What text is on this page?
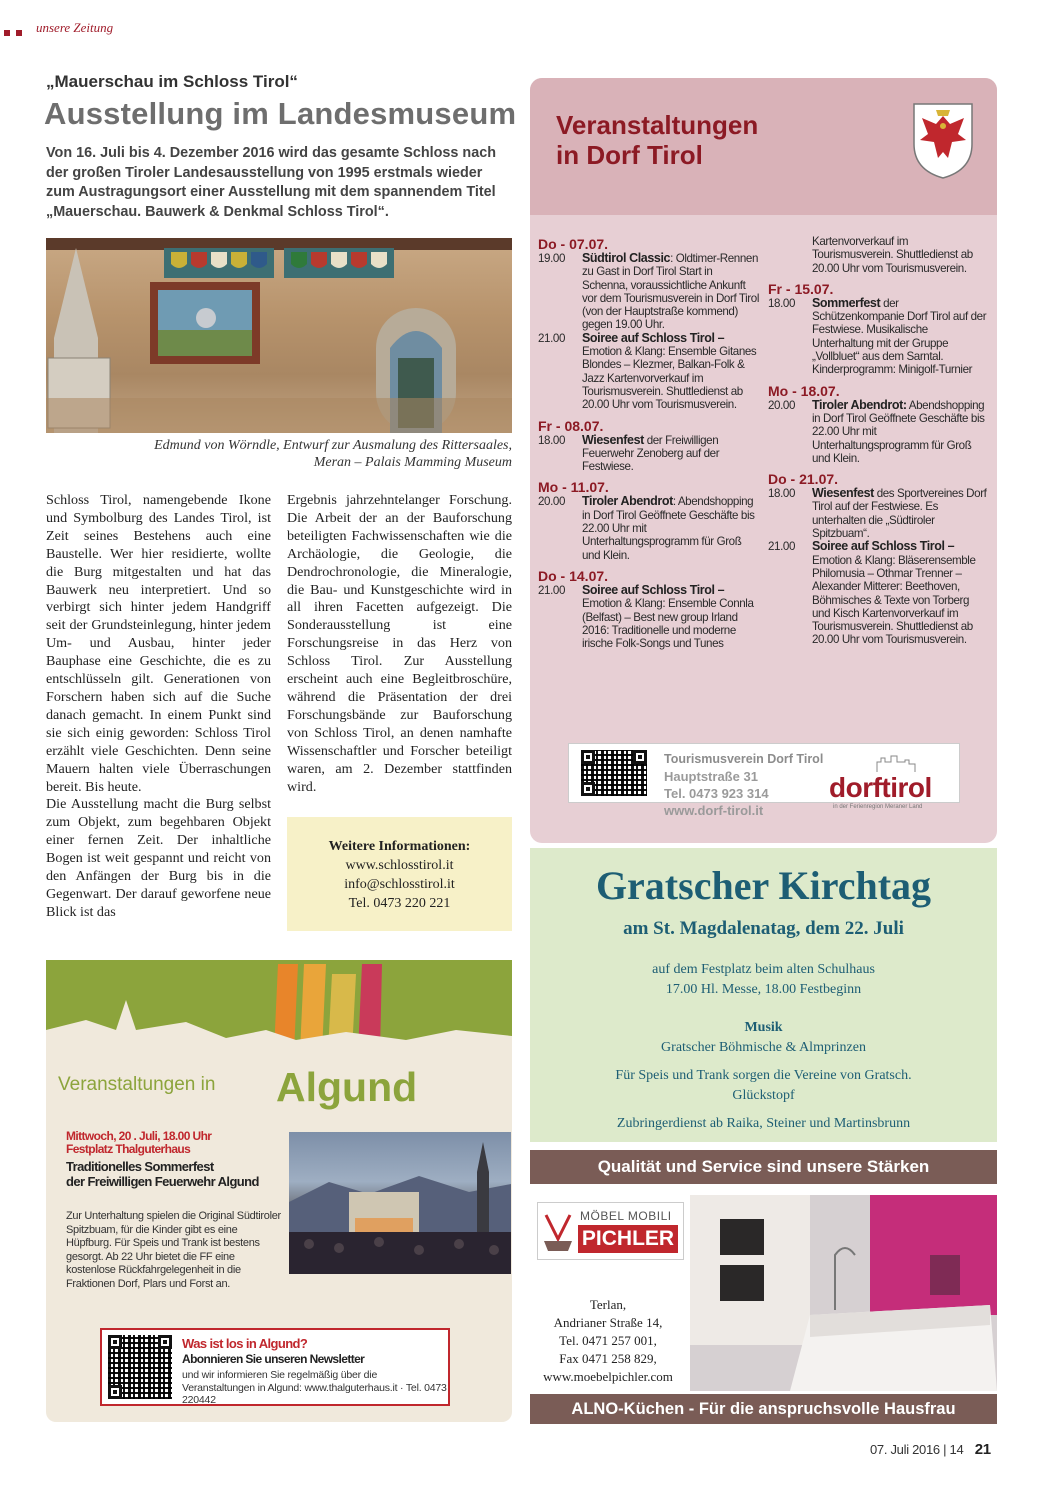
unsere Zeitung
„Mauerschau im Schloss Tirol“
Ausstellung im Landesmuseum
Von 16. Juli bis 4. Dezember 2016 wird das gesamte Schloss nach der großen Tiroler Landesausstellung von 1995 erstmals wieder zum Austragungsort einer Ausstellung mit dem spannendem Titel „Mauerschau. Bauwerk & Denkmal Schloss Tirol“.
Edmund von Wörndle, Entwurf zur Ausmalung des Rittersaales,
Meran – Palais Mamming Museum
Schloss Tirol, namengebende Ikone und Symbolburg des Landes Tirol, ist Zeit seines Bestehens auch eine Baustelle. Wer hier residierte, wollte die Burg mitgestalten und hat das Bauwerk neu interpretiert. Und so verbirgt sich hinter jedem Handgriff seit der Grundsteinlegung, hinter jedem Um- und Ausbau, hinter jeder Bauphase eine Geschichte, die es zu entschlüsseln gilt. Generationen von Forschern haben sich auf die Suche danach gemacht. In einem Punkt sind sie sich einig geworden: Schloss Tirol erzählt viele Geschichten. Denn seine Mauern halten viele Überraschungen bereit. Bis heute.
Die Ausstellung macht die Burg selbst zum Objekt, zum begehbaren Objekt einer fernen Zeit. Der inhaltliche Bogen ist weit gespannt und reicht von den Anfängen der Burg bis in die Gegenwart. Der darauf geworfene neue Blick ist das
Ergebnis jahrzehntelanger Forschung. Die Arbeit der an der Bauforschung beteiligten Fachwissenschaften wie die Archäologie, die Geologie, die Dendrochronologie, die Mineralogie, die Bau- und Kunstgeschichte wird in all ihren Facetten aufgezeigt. Die Sonderausstellung ist eine Forschungsreise in das Herz von Schloss Tirol. Zur Ausstellung erscheint auch eine Begleitbroschüre, während die Präsentation der drei Forschungsbände zur Bauforschung von Schloss Tirol, an denen namhafte Wissenschaftler und Forscher beteiligt waren, am 2. Dezember stattfinden wird.
Weitere Informationen:
www.schlosstirol.it
info@schlosstirol.it
Tel. 0473 220 221
Veranstaltungen in Algund
Mittwoch, 20 . Juli, 18.00 Uhr
Festplatz Thalguterhaus
Traditionelles Sommerfest
der Freiwilligen Feuerwehr Algund
Zur Unterhaltung spielen die Original Südtiroler Spitzbuam, für die Kinder gibt es eine Hüpfburg. Für Speis und Trank ist bestens gesorgt. Ab 22 Uhr bietet die FF eine kostenlose Rückfahrgelegenheit in die Fraktionen Dorf, Plars und Forst an.
Was ist los in Algund?
Abonnieren Sie unseren Newsletter
und wir informieren Sie regelmäßig über die Veranstaltungen in Algund: www.thalguterhaus.it · Tel. 0473 220442
Veranstaltungen
in Dorf Tirol
Do - 07.07.
19.00	Südtirol Classic: Oldtimer-Rennen zu Gast in Dorf Tirol Start in Schenna, voraussichtliche Ankunft vor dem Tourismusverein in Dorf Tirol (von der Hauptstraße kommend) gegen 19.00 Uhr.
21.00	Soiree auf Schloss Tirol – Emotion & Klang: Ensemble Gitanes Blondes – Klezmer, Balkan-Folk & Jazz Kartenvorverkauf im Tourismusverein. Shuttledienst ab 20.00 Uhr vom Tourismusverein.
Fr - 08.07.
18.00	Wiesenfest der Freiwilligen Feuerwehr Zenoberg auf der Festwiese.
Mo - 11.07.
20.00	Tiroler Abendrot: Abendshopping in Dorf Tirol Geöffnete Geschäfte bis 22.00 Uhr mit Unterhaltungsprogramm für Groß und Klein.
Do - 14.07.
21.00	Soiree auf Schloss Tirol – Emotion & Klang: Ensemble Connla (Belfast) – Best new group Irland 2016: Traditionelle und moderne irische Folk-Songs und Tunes
Kartenvorverkauf im Tourismusverein. Shuttledienst ab 20.00 Uhr vom Tourismusverein.
Fr - 15.07.
18.00	Sommerfest der Schützenkompanie Dorf Tirol auf der Festwiese. Musikalische Unterhaltung mit der Gruppe „Vollbluet“ aus dem Sarntal. Kinderprogramm: Minigolf-Turnier
Mo - 18.07.
20.00	Tiroler Abendrot: Abendshopping in Dorf Tirol Geöffnete Geschäfte bis 22.00 Uhr mit Unterhaltungsprogramm für Groß und Klein.
Do - 21.07.
18.00	Wiesenfest des Sportvereines Dorf Tirol auf der Festwiese. Es unterhalten die „Südtiroler Spitzbuam“.
21.00	Soiree auf Schloss Tirol – Emotion & Klang: Bläserensemble Philomusia – Othmar Trenner – Alexander Mitterer: Beethoven, Böhmisches & Texte von Torberg und Kisch Kartenvorverkauf im Tourismusverein. Shuttledienst ab 20.00 Uhr vom Tourismusverein.
Tourismusverein Dorf Tirol
Hauptstraße 31
Tel. 0473 923 314
www.dorf-tirol.it
dorftirol
in der Ferienregion Meraner Land
Gratscher Kirchtag
am St. Magdalenatag, dem 22. Juli
auf dem Festplatz beim alten Schulhaus
17.00 Hl. Messe, 18.00 Festbeginn
Musik
Gratscher Böhmische & Almprinzen
Für Speis und Trank sorgen die Vereine von Gratsch.
Glückstopf
Zubringerdienst ab Raika, Steiner und Martinsbrunn
Qualität und Service sind unsere Stärken
MÖBEL MOBILI
PICHLER
Terlan,
Andrianer Straße 14,
Tel. 0471 257 001,
Fax 0471 258 829,
www.moebelpichler.com
ALNO-Küchen - Für die anspruchsvolle Hausfrau
07. Juli 2016 | 14 21
